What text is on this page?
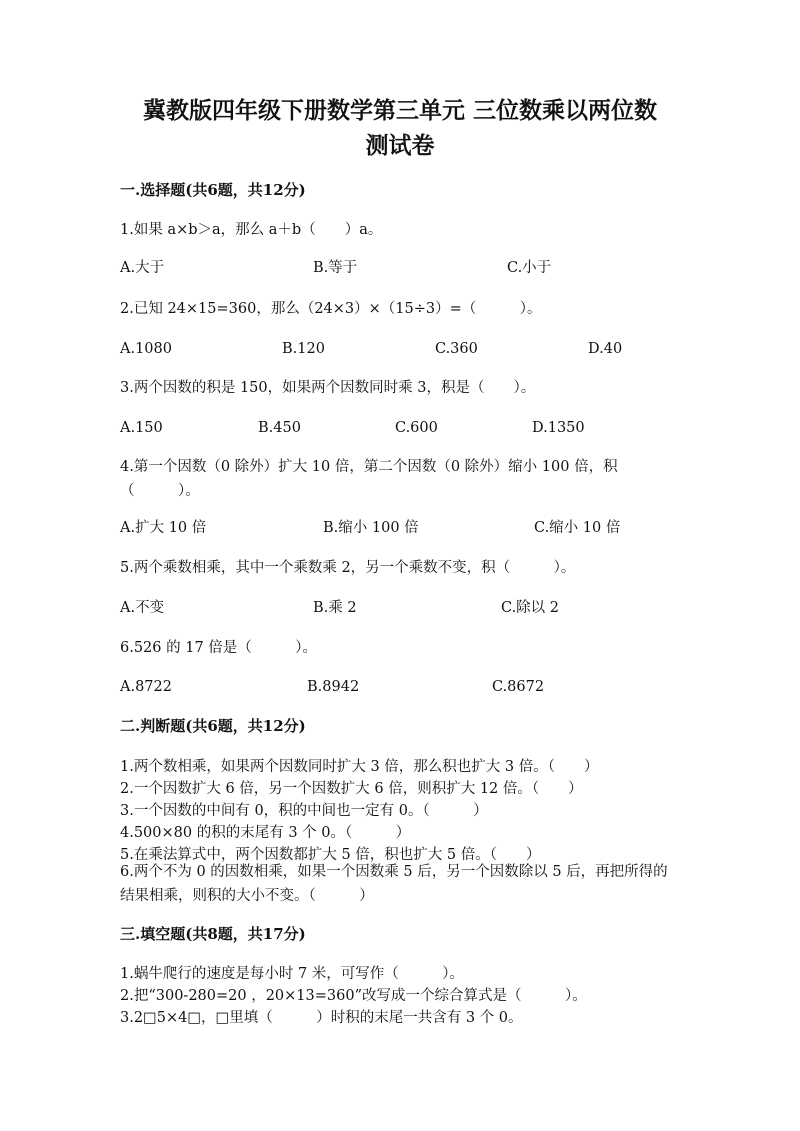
冀教版四年级下册数学第三单元 三位数乘以两位数
测试卷
一.选择题(共6题，共12分)
1.如果 a×b＞a，那么 a＋b（　　）a。
A.大于	B.等于	C.小于
2.已知 24×15=360，那么（24×3）×（15÷3）=（　　　）。
A.1080	B.120	C.360	D.40
3.两个因数的积是 150，如果两个因数同时乘 3，积是（　　）。
A.150	B.450	C.600	D.1350
4.第一个因数（0 除外）扩大 10 倍，第二个因数（0 除外）缩小 100 倍，积（　　　）。
A.扩大 10 倍	B.缩小 100 倍	C.缩小 10 倍
5.两个乘数相乘，其中一个乘数乘 2，另一个乘数不变，积（　　　）。
A.不变	B.乘 2	C.除以 2
6.526 的 17 倍是（　　　）。
A.8722	B.8942	C.8672
二.判断题(共6题，共12分)
1.两个数相乘，如果两个因数同时扩大 3 倍，那么积也扩大 3 倍。（　　）
2.一个因数扩大 6 倍，另一个因数扩大 6 倍，则积扩大 12 倍。（　　）
3.一个因数的中间有 0，积的中间也一定有 0。（　　　）
4.500×80 的积的末尾有 3 个 0。（　　　）
5.在乘法算式中，两个因数都扩大 5 倍，积也扩大 5 倍。（　　）
6.两个不为 0 的因数相乘，如果一个因数乘 5 后，另一个因数除以 5 后，再把所得的结果相乘，则积的大小不变。（　　　）
三.填空题(共8题，共17分)
1.蜗牛爬行的速度是每小时 7 米，可写作（　　　）。
2.把“300-280=20 ，20×13=360”改写成一个综合算式是（　　　）。
3.2□5×4□，□里填（　　　）时积的末尾一共含有 3 个 0。
